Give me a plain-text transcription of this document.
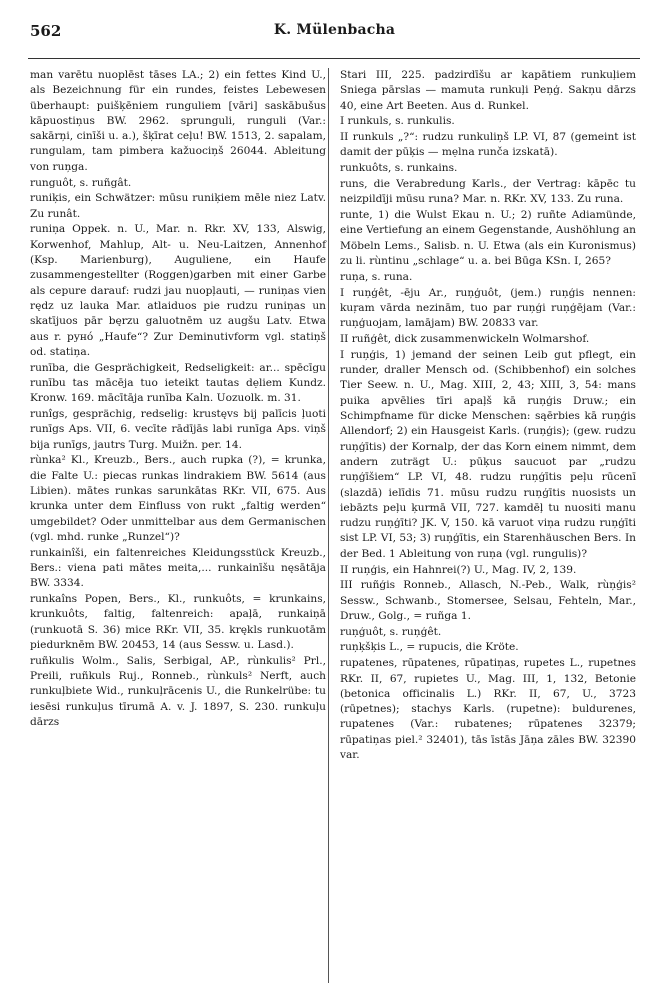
562	K. Mülenbacha

man varētu nuoplēst tāses LA.; 2) ein fettes Kind U., als Bezeichnung für ein rundes, feistes Lebewesen überhaupt: puišķēniem runguliem [vāri] saskābušus kāpuostiņus BW. 2962. sprunguli, runguli (Var.: sakārņi, cinīši u. a.), šķīrat ceļu! BW. 1513, 2. sapalam, rungulam, tam pimbera kažuociņš 26044. Ableitung von ruņga.

runguôt, s. ruñgât.

runiķis, ein Schwätzer: mūsu runiķiem mēle niez Latv. Zu runât.

runiņa Oppek. n. U., Mar. n. Rkr. XV, 133, Alswig, Korwenhof, Mahlup, Alt- u. Neu-Laitzen, Annenhof (Ksp. Marienburg), Auguliene, ein Haufe zusammengestellter (Roggen)garben mit einer Garbe als cepure darauf: rudzi jau nuopļauti, — runiņas vien rędz uz lauka Mar. atlaiduos pie rudzu runiņas un skatījuos pār bęrzu galuotnēm uz augšu Latv. Etwa aus r. pyнó „Haufe“? Zur Deminutivform vgl. statiņš od. statiņa.

runība, die Gesprächigkeit, Redseligkeit: ar... spēcīgu runību tas mācēja tuo ieteikt tautas dẹliem Kundz. Kronw. 169. mācītāja runība Kaln. Uozuolk. m. 31.

runîgs, gesprächig, redselig: krustęvs bij palīcis ļuoti runīgs Aps. VII, 6. vecīte rādījās labi runīga Aps. viņš bija runīgs, jautrs Turg. Muižn. per. 14.

rùnka² Kl., Kreuzb., Bers., auch rupka (?), = krunka, die Falte U.: piecas runkas lindrakiem BW. 5614 (aus Libien). mātes runkas sarunkātas RKr. VII, 675. Aus krunka unter dem Einfluss von rukt „faltig werden“ umgebildet? Oder unmittelbar aus dem Germanischen (vgl. mhd. runke „Runzel“)?

runkainîši, ein faltenreiches Kleidungsstück Kreuzb., Bers.: viena pati mātes meita,... runkainīšu nęsātāja BW. 3334.

runkaîns Popen, Bers., Kl., runkuôts, = krunkains, krunkuôts, faltig, faltenreich: apaļā, runkaiņā (runkuotā S. 36) mice RKr. VII, 35. krękls runkuotām piedurknēm BW. 20453, 14 (aus Sessw. u. Lasd.).

ruñkulis Wolm., Salis, Serbigal, AP., rùnkulis² Prl., Preili, ruñkuls Ruj., Ronneb., rùnkuls² Nerft, auch runkuļbiete Wid., runkuļrācenis U., die Runkelrübe: tu iesēsi runkuļus tīrumā A. v. J. 1897, S. 230. runkuļu dārzs

Stari III, 225. padzirdīšu ar kapātiem runkuļiem Sniega pārslas — mamuta runkuļi Peņģ. Sakņu dārzs 40, eine Art Beeten. Aus d. Runkel.

I runkuls, s. runkulis.

II runkuls „?“: rudzu runkuliņš LP. VI, 87 (gemeint ist damit der pūķis — mẹlna runča izskatā).

runkuôts, s. runkains.

runs, die Verabredung Karls., der Vertrag: kāpēc tu neizpildīji mūsu runa? Mar. n. RKr. XV, 133. Zu runa.

runte, 1) die Wulst Ekau n. U.; 2) ruñte Adiamünde, eine Vertiefung an einem Gegenstande, Aushöhlung an Möbeln Lems., Salisb. n. U. Etwa (als ein Kuronismus) zu li. rùntinu „schlage“ u. a. bei Būga KSn. I, 265?

ruņa, s. runa.

I ruņģêt, -ēju Ar., ruņģuôt, (jem.) ruņģis nennen: kuŗam vārda nezinām, tuo par ruņģi ruņģējam (Var.: ruņģuojam, lamājam) BW. 20833 var.

II ruñģêt, dick zusammenwickeln Wolmarshof.

I ruņģis, 1) jemand der seinen Leib gut pflegt, ein runder, draller Mensch od. (Schibbenhof) ein solches Tier Seew. n. U., Mag. XIII, 2, 43; XIII, 3, 54: mans puika apvēlies tīri apaļš kā ruņģis Druw.; ein Schimpfname für dicke Menschen: sąērbies kā ruņģis Allendorf; 2) ein Hausgeist Karls. (ruņģis); (gew. rudzu ruņģītis) der Kornalp, der das Korn einem nimmt, dem andern zuträgt U.: pūķus saucuot par „rudzu ruņģīšiem“ LP. VI, 48. rudzu ruņģītis peļu rūcenī (slazdā) ielīdis 71. mūsu rudzu ruņģītis nuosists un iebāzts peļu ķurmā VII, 727. kamdēļ tu nuositi manu rudzu ruņģīti? JK. V, 150. kā varuot viņa rudzu ruņģīti sist LP. VI, 53; 3) ruņģītis, ein Starenhäuschen Bers. In der Bed. 1 Ableitung von ruņa (vgl. rungulis)?

II ruņģis, ein Hahnrei(?) U., Mag. IV, 2, 139.

III ruñģis Ronneb., Allasch, N.-Peb., Walk, rùņģis² Sessw., Schwanb., Stomersee, Selsau, Fehteln, Mar., Druw., Golg., = ruñga 1.

ruņģuôt, s. ruņģêt.

ruņķšķis L., = rupucis, die Kröte.

rupatenes, rūpatenes, rūpatiņas, rupetes L., rupetnes RKr. II, 67, rupietes U., Mag. III, 1, 132, Betonie (betonica officinalis L.) RKr. II, 67, U., 3723 (rūpetnes); stachys Karls. (rupetne): buldurenes, rupatenes (Var.: rubatenes; rūpatenes 32379; rūpatiņas piel.² 32401), tās īstās Jāņa zāles BW. 32390 var.
